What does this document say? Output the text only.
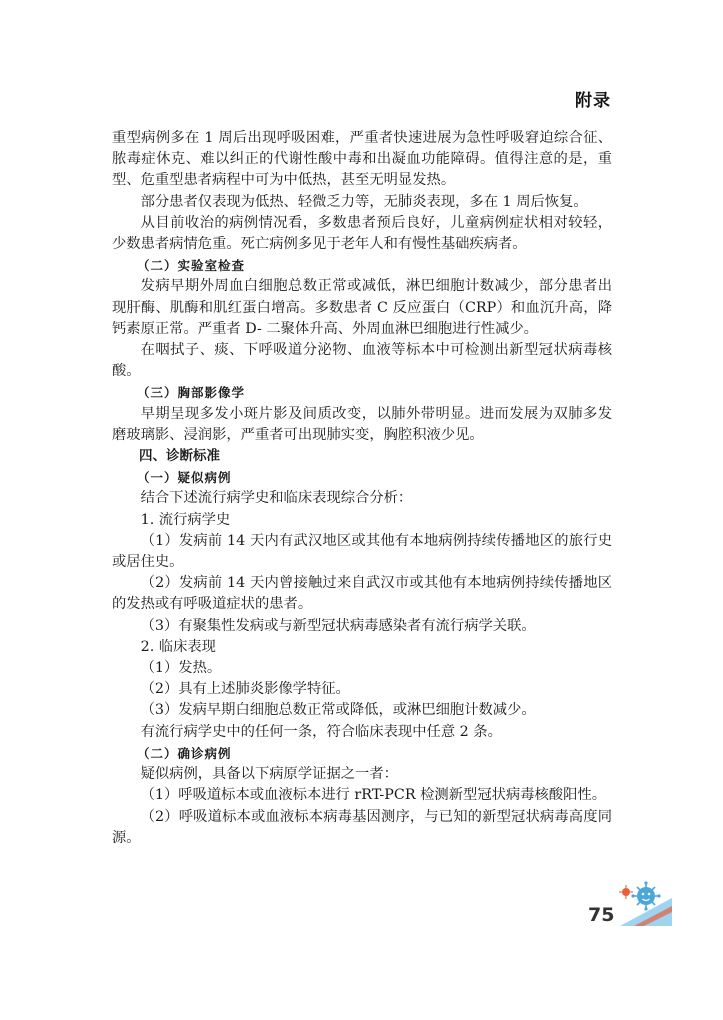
附录

重型病例多在 1 周后出现呼吸困难，严重者快速进展为急性呼吸窘迫综合征、脓毒症休克、难以纠正的代谢性酸中毒和出凝血功能障碍。值得注意的是，重型、危重型患者病程中可为中低热，甚至无明显发热。

部分患者仅表现为低热、轻微乏力等，无肺炎表现，多在 1 周后恢复。

从目前收治的病例情况看，多数患者预后良好，儿童病例症状相对较轻，少数患者病情危重。死亡病例多见于老年人和有慢性基础疾病者。

（二）实验室检查

发病早期外周血白细胞总数正常或减低，淋巴细胞计数减少，部分患者出现肝酶、肌酶和肌红蛋白增高。多数患者 C 反应蛋白（CRP）和血沉升高，降钙素原正常。严重者 D- 二聚体升高、外周血淋巴细胞进行性减少。

在咽拭子、痰、下呼吸道分泌物、血液等标本中可检测出新型冠状病毒核酸。

（三）胸部影像学

早期呈现多发小斑片影及间质改变，以肺外带明显。进而发展为双肺多发磨玻璃影、浸润影，严重者可出现肺实变，胸腔积液少见。

四、诊断标准

（一）疑似病例

结合下述流行病学史和临床表现综合分析：

1. 流行病学史

（1）发病前 14 天内有武汉地区或其他有本地病例持续传播地区的旅行史或居住史。

（2）发病前 14 天内曾接触过来自武汉市或其他有本地病例持续传播地区的发热或有呼吸道症状的患者。

（3）有聚集性发病或与新型冠状病毒感染者有流行病学关联。

2. 临床表现

（1）发热。

（2）具有上述肺炎影像学特征。

（3）发病早期白细胞总数正常或降低，或淋巴细胞计数减少。

有流行病学史中的任何一条，符合临床表现中任意 2 条。

（二）确诊病例

疑似病例，具备以下病原学证据之一者：

（1）呼吸道标本或血液标本进行 rRT-PCR 检测新型冠状病毒核酸阳性。

（2）呼吸道标本或血液标本病毒基因测序，与已知的新型冠状病毒高度同源。

75
